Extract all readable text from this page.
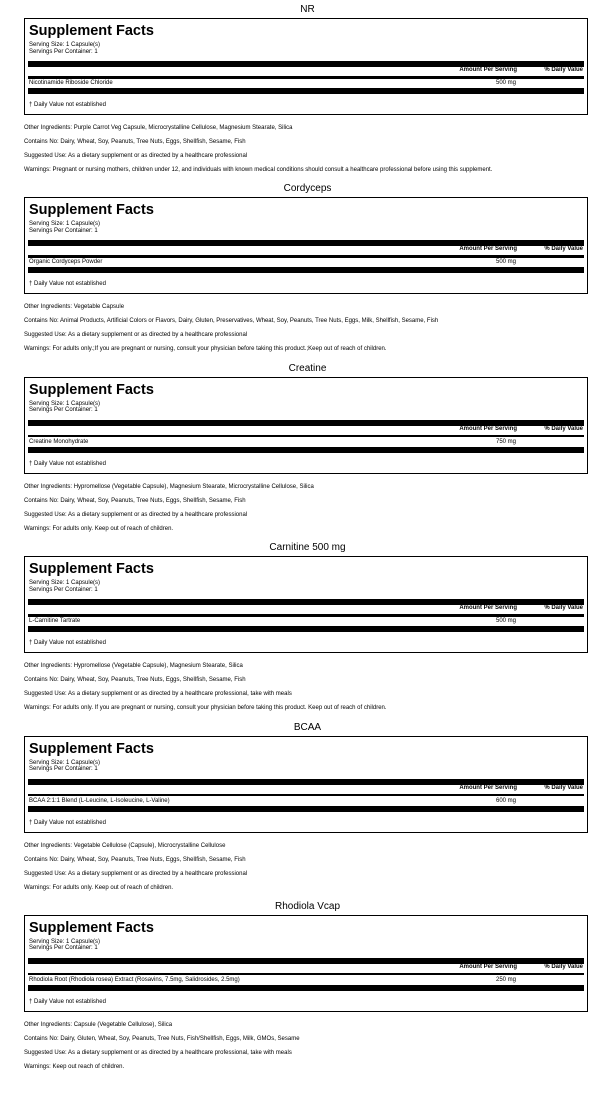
NR
Supplement Facts
Serving Size: 1 Capsule(s)
Servings Per Container: 1
Amount Per Serving	% Daily Value
Nicotinamide Riboside Chloride	500 mg
† Daily Value not established
Other Ingredients: Purple Carrot Veg Capsule, Microcrystalline Cellulose, Magnesium Stearate, Silica
Contains No: Dairy, Wheat, Soy, Peanuts, Tree Nuts, Eggs, Shellfish, Sesame, Fish
Suggested Use: As a dietary supplement or as directed by a healthcare professional
Warnings: Pregnant or nursing mothers, children under 12, and individuals with known medical conditions should consult a healthcare professional before using this supplement.
Cordyceps
Supplement Facts
Serving Size: 1 Capsule(s)
Servings Per Container: 1
Amount Per Serving	% Daily Value
Organic Cordyceps Powder	500 mg
† Daily Value not established
Other Ingredients: Vegetable Capsule
Contains No: Animal Products, Artificial Colors or Flavors, Dairy, Gluten, Preservatives, Wheat, Soy, Peanuts, Tree Nuts, Eggs, Milk, Shellfish, Sesame, Fish
Suggested Use: As a dietary supplement or as directed by a healthcare professional
Warnings: For adults only.;If you are pregnant or nursing, consult your physician before taking this product.;Keep out of reach of children.
Creatine
Supplement Facts
Serving Size: 1 Capsule(s)
Servings Per Container: 1
Amount Per Serving	% Daily Value
Creatine Monohydrate	750 mg
† Daily Value not established
Other Ingredients: Hypromellose (Vegetable Capsule), Magnesium Stearate, Microcrystalline Cellulose, Silica
Contains No: Dairy, Wheat, Soy, Peanuts, Tree Nuts, Eggs, Shellfish, Sesame, Fish
Suggested Use: As a dietary supplement or as directed by a healthcare professional
Warnings: For adults only. Keep out of reach of children.
Carnitine 500 mg
Supplement Facts
Serving Size: 1 Capsule(s)
Servings Per Container: 1
Amount Per Serving	% Daily Value
L-Carnitine Tartrate	500 mg
† Daily Value not established
Other Ingredients: Hypromellose (Vegetable Capsule), Magnesium Stearate, Silica
Contains No: Dairy, Wheat, Soy, Peanuts, Tree Nuts, Eggs, Shellfish, Sesame, Fish
Suggested Use: As a dietary supplement or as directed by a healthcare professional, take with meals
Warnings: For adults only. If you are pregnant or nursing, consult your physician before taking this product. Keep out of reach of children.
BCAA
Supplement Facts
Serving Size: 1 Capsule(s)
Servings Per Container: 1
Amount Per Serving	% Daily Value
BCAA 2:1:1 Blend (L-Leucine, L-Isoleucine, L-Valine)	600 mg
† Daily Value not established
Other Ingredients: Vegetable Cellulose (Capsule), Microcrystalline Cellulose
Contains No: Dairy, Wheat, Soy, Peanuts, Tree Nuts, Eggs, Shellfish, Sesame, Fish
Suggested Use: As a dietary supplement or as directed by a healthcare professional
Warnings: For adults only. Keep out of reach of children.
Rhodiola Vcap
Supplement Facts
Serving Size: 1 Capsule(s)
Servings Per Container: 1
Amount Per Serving	% Daily Value
Rhodiola Root (Rhodiola rosea) Extract (Rosavins, 7.5mg, Salidrosides, 2.5mg)	250 mg
† Daily Value not established
Other Ingredients: Capsule (Vegetable Cellulose), Silica
Contains No: Dairy, Gluten, Wheat, Soy, Peanuts, Tree Nuts, Fish/Shellfish, Eggs, Milk, GMOs, Sesame
Suggested Use: As a dietary supplement or as directed by a healthcare professional, take with meals
Warnings: Keep out reach of children.
